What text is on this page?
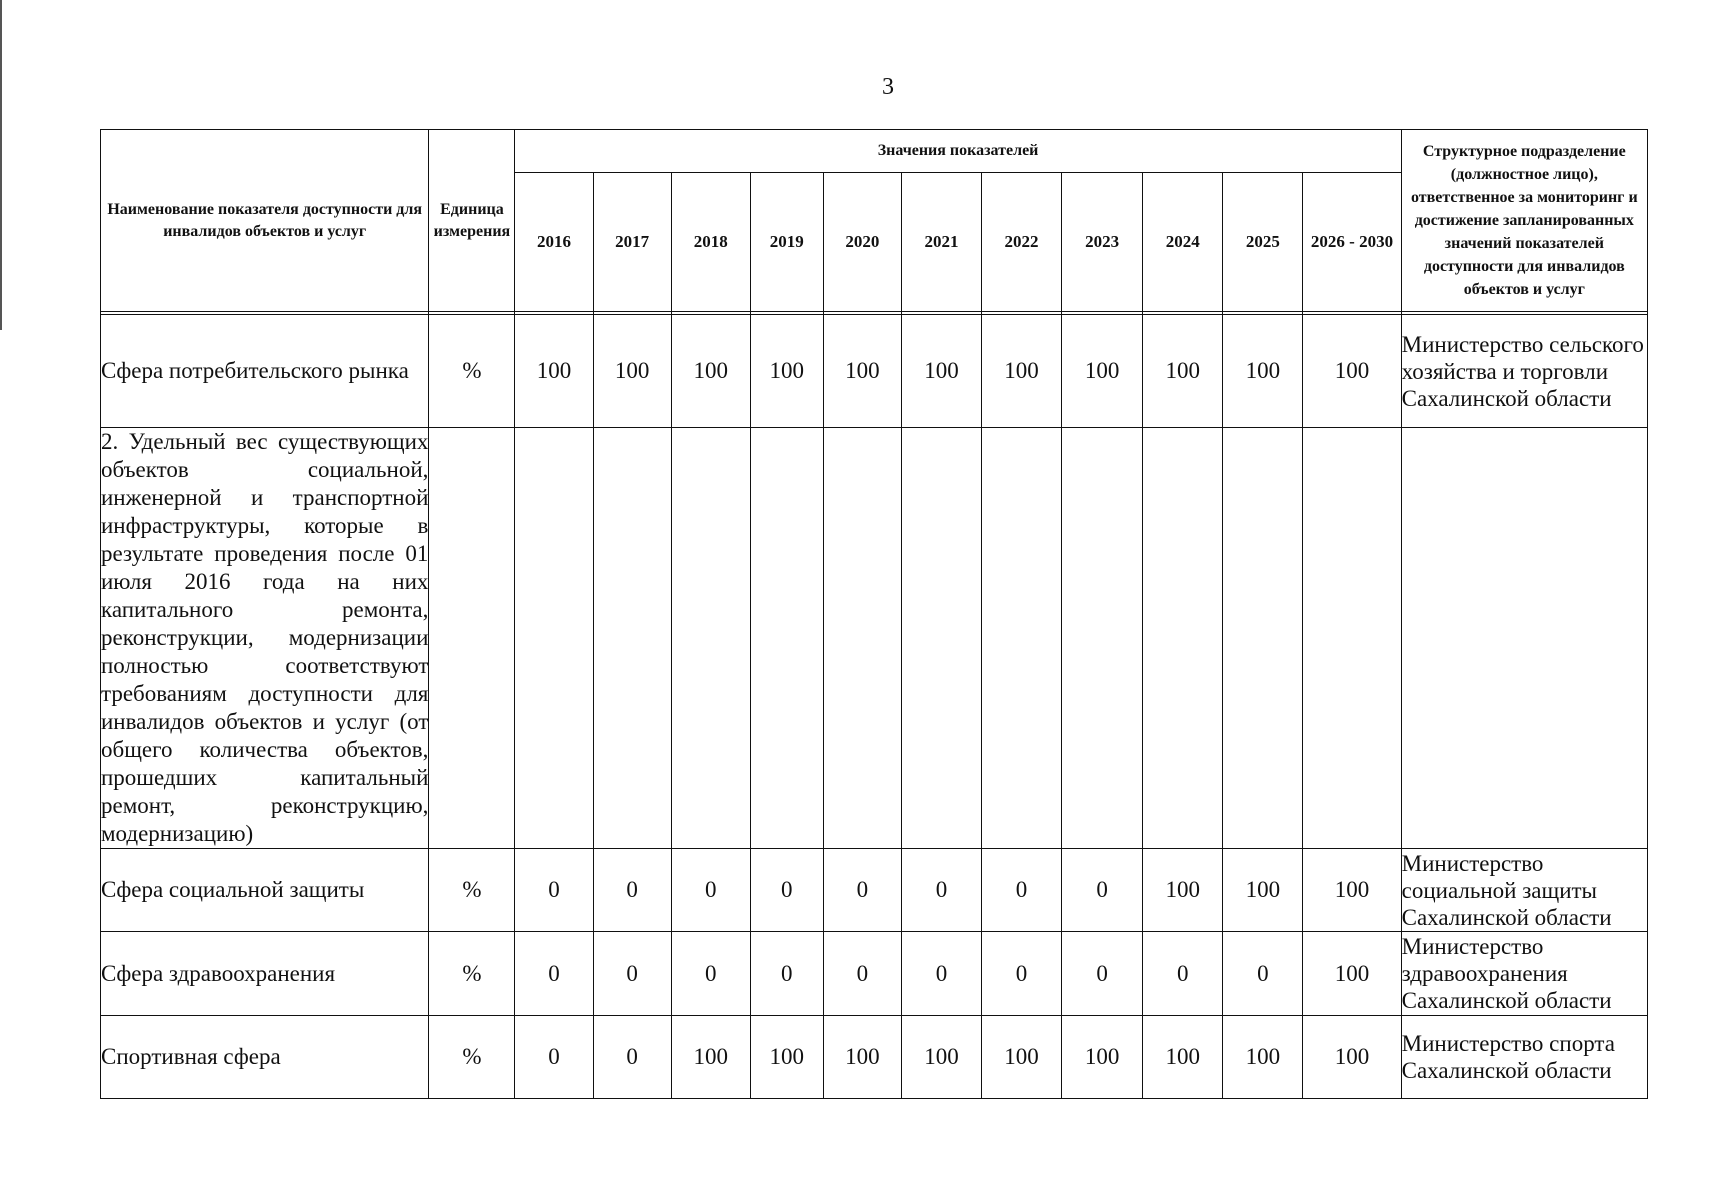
3
Наименование показателя доступности для инвалидов объектов и услуг	Единица измерения	Значения показателей											Структурное подразделение (должностное лицо), ответственное за мониторинг и достижение запланированных значений показателей доступности для инвалидов объектов и услуг
		2016	2017	2018	2019	2020	2021	2022	2023	2024	2025	2026 - 2030	

Сфера потребительского рынка	%	100	100	100	100	100	100	100	100	100	100	100	Министерство сельского хозяйства и торговли Сахалинской области
2. Удельный вес существующих объектов социальной, инженерной и транспортной инфраструктуры, которые в результате проведения после 01 июля 2016 года на них капитального ремонта, реконструкции, модернизации полностью соответствуют требованиям доступности для инвалидов объектов и услуг (от общего количества объектов, прошедших капитальный ремонт, реконструкцию, модернизацию)													
Сфера социальной защиты	%	0	0	0	0	0	0	0	0	100	100	100	Министерство социальной защиты Сахалинской области
Сфера здравоохранения	%	0	0	0	0	0	0	0	0	0	0	100	Министерство здравоохранения Сахалинской области
Спортивная сфера	%	0	0	100	100	100	100	100	100	100	100	100	Министерство спорта Сахалинской области
